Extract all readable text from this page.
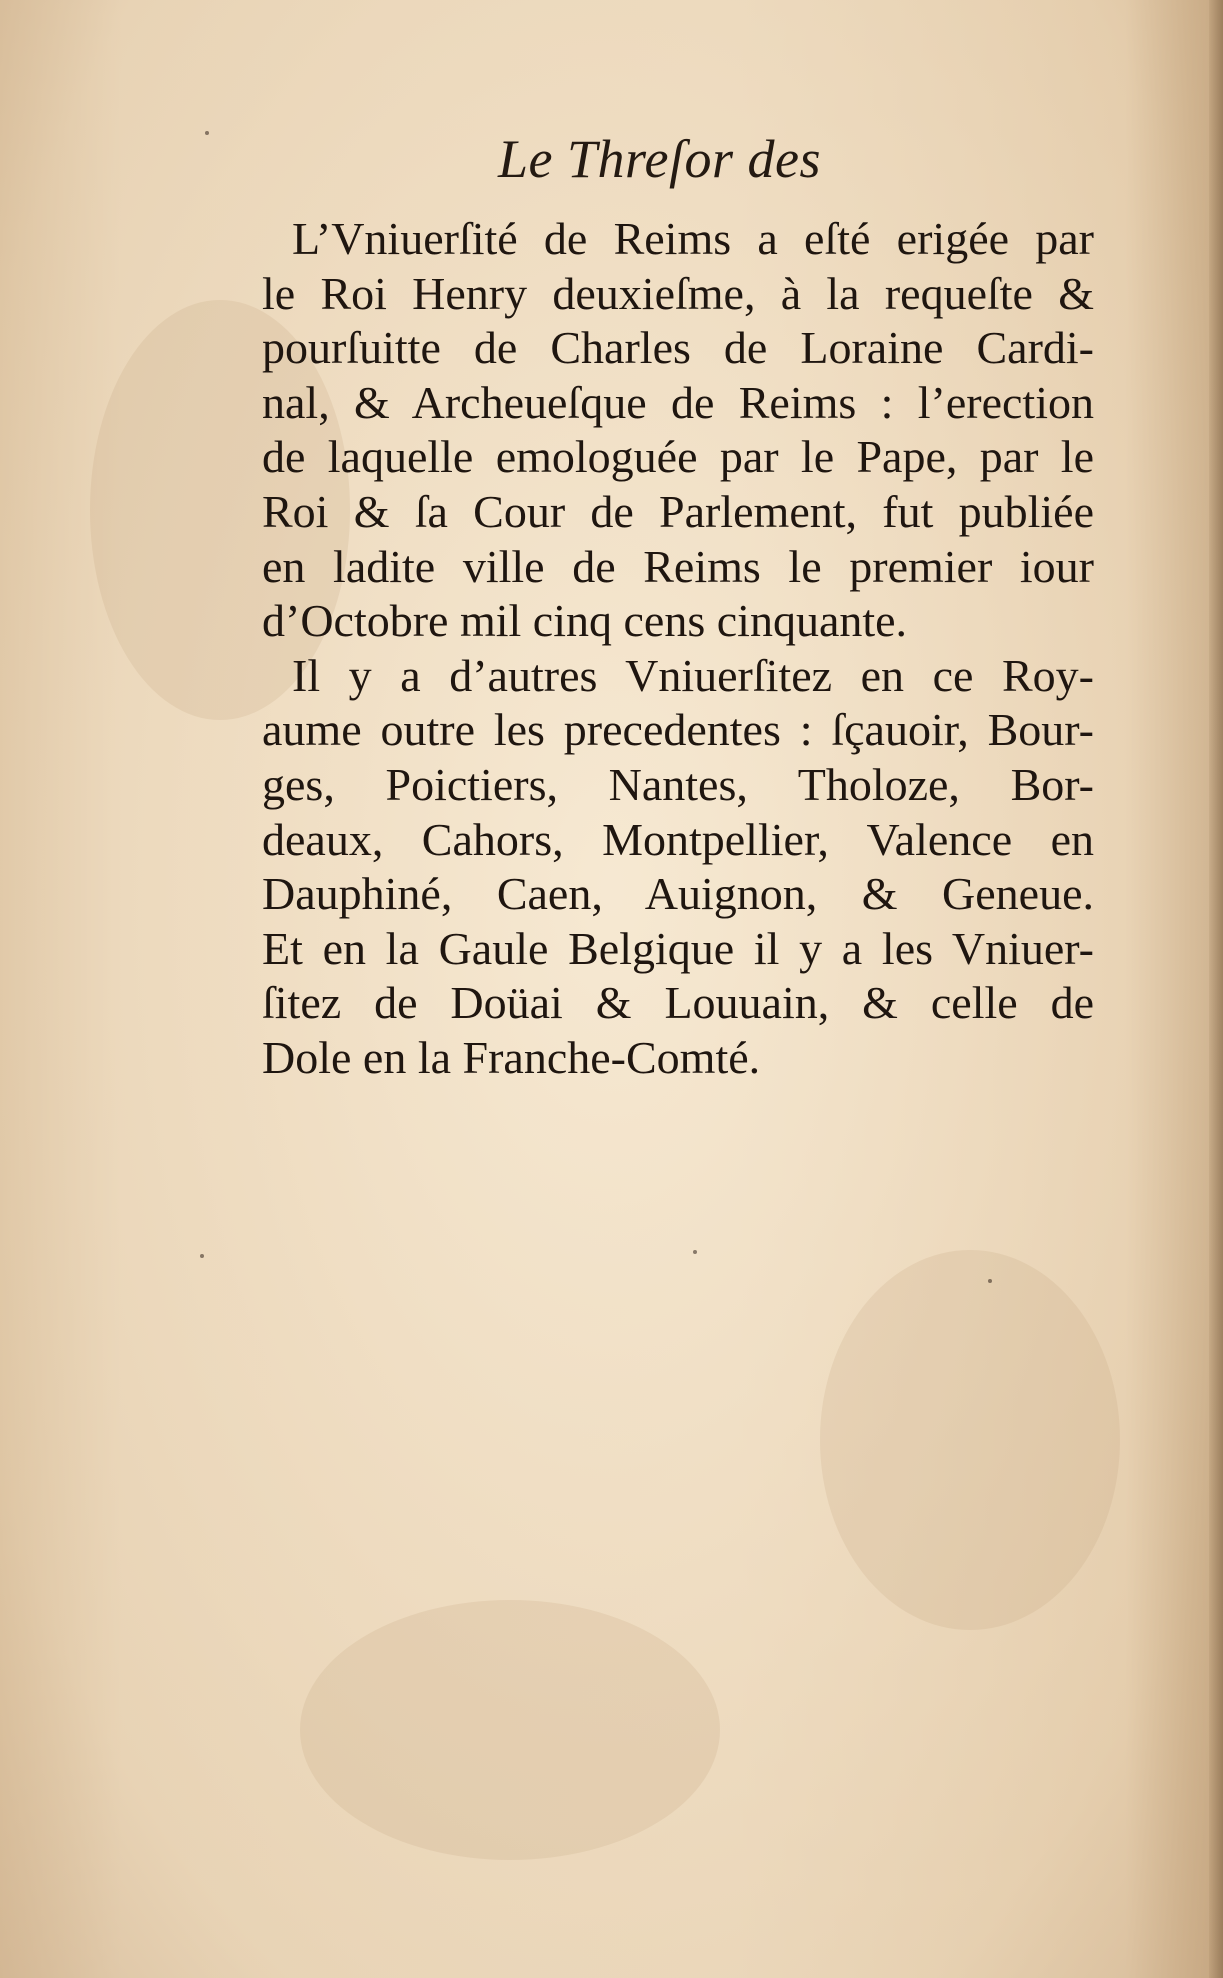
‍ ‍ ‍ ‍ ‍ ‍ ‍ ‍ ‍ ‍ ‍ ‍ ‍ ‍ ‍ ‍
Le Threſor des

L’Vniuerſité de Reims a eſté erigée par
le Roi Henry deuxieſme, à la requeſte &
pourſuitte de Charles de Loraine Cardi-
nal, & Archeueſque de Reims : l’erection
de laquelle emologuée par le Pape, par le
Roi & ſa Cour de Parlement, fut publiée
en ladite ville de Reims le premier iour
d’Octobre mil cinq cens cinquante.

Il y a d’autres Vniuerſitez en ce Roy-
aume outre les precedentes : ſçauoir, Bour-
ges, Poictiers, Nantes, Tholoze, Bor-
deaux, Cahors, Montpellier, Valence en
Dauphiné, Caen, Auignon, & Geneue.
Et en la Gaule Belgique il y a les Vniuer-
ſitez de Doüai & Louuain, & celle de
Dole en la Franche-Comté.
